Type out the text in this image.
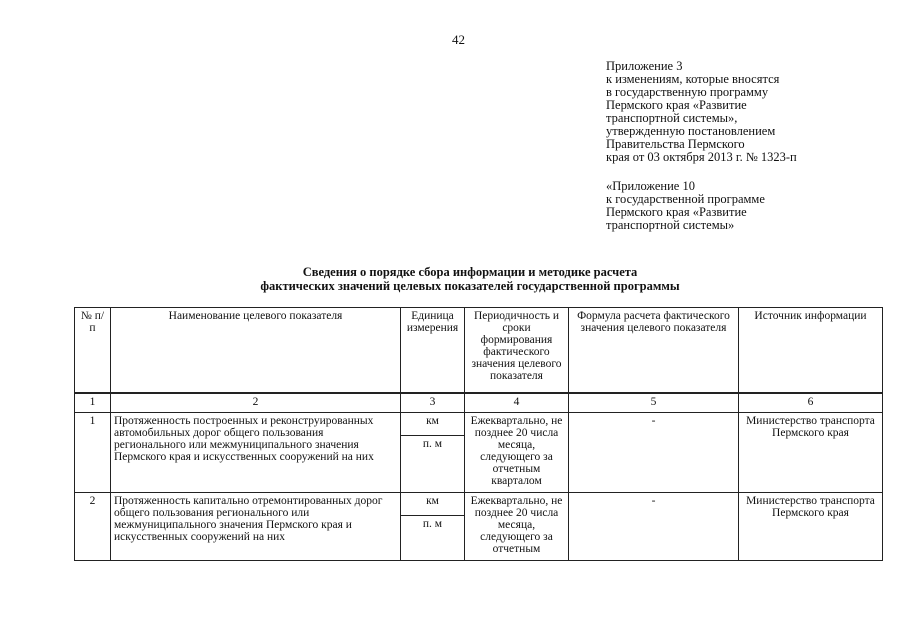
42
Приложение 3
к изменениям, которые вносятся
в государственную программу
Пермского края «Развитие
транспортной системы»,
утвержденную постановлением
Правительства Пермского
края от 03 октября 2013 г. № 1323-п
«Приложение 10
к государственной программе
Пермского края «Развитие
транспортной системы»
Сведения о порядке сбора информации и методике расчета
фактических значений целевых показателей государственной программы
№ п/п	Наименование целевого показателя	Единица измерения	Периодичность и сроки формирования фактического значения целевого показателя	Формула расчета фактического значения целевого показателя	Источник информации
1	2	3	4	5	6
1	Протяженность построенных и реконструированных автомобильных дорог общего пользования регионального или межмуниципального значения Пермского края и искусственных сооружений на них	км	Ежеквартально, не позднее 20 числа месяца, следующего за отчетным кварталом	-	Министерство транспорта Пермского края
		п. м			
2	Протяженность капитально отремонтированных дорог общего пользования регионального или межмуниципального значения Пермского края и искусственных сооружений на них	км	Ежеквартально, не позднее 20 числа месяца, следующего за отчетным	-	Министерство транспорта Пермского края
		п. м			
